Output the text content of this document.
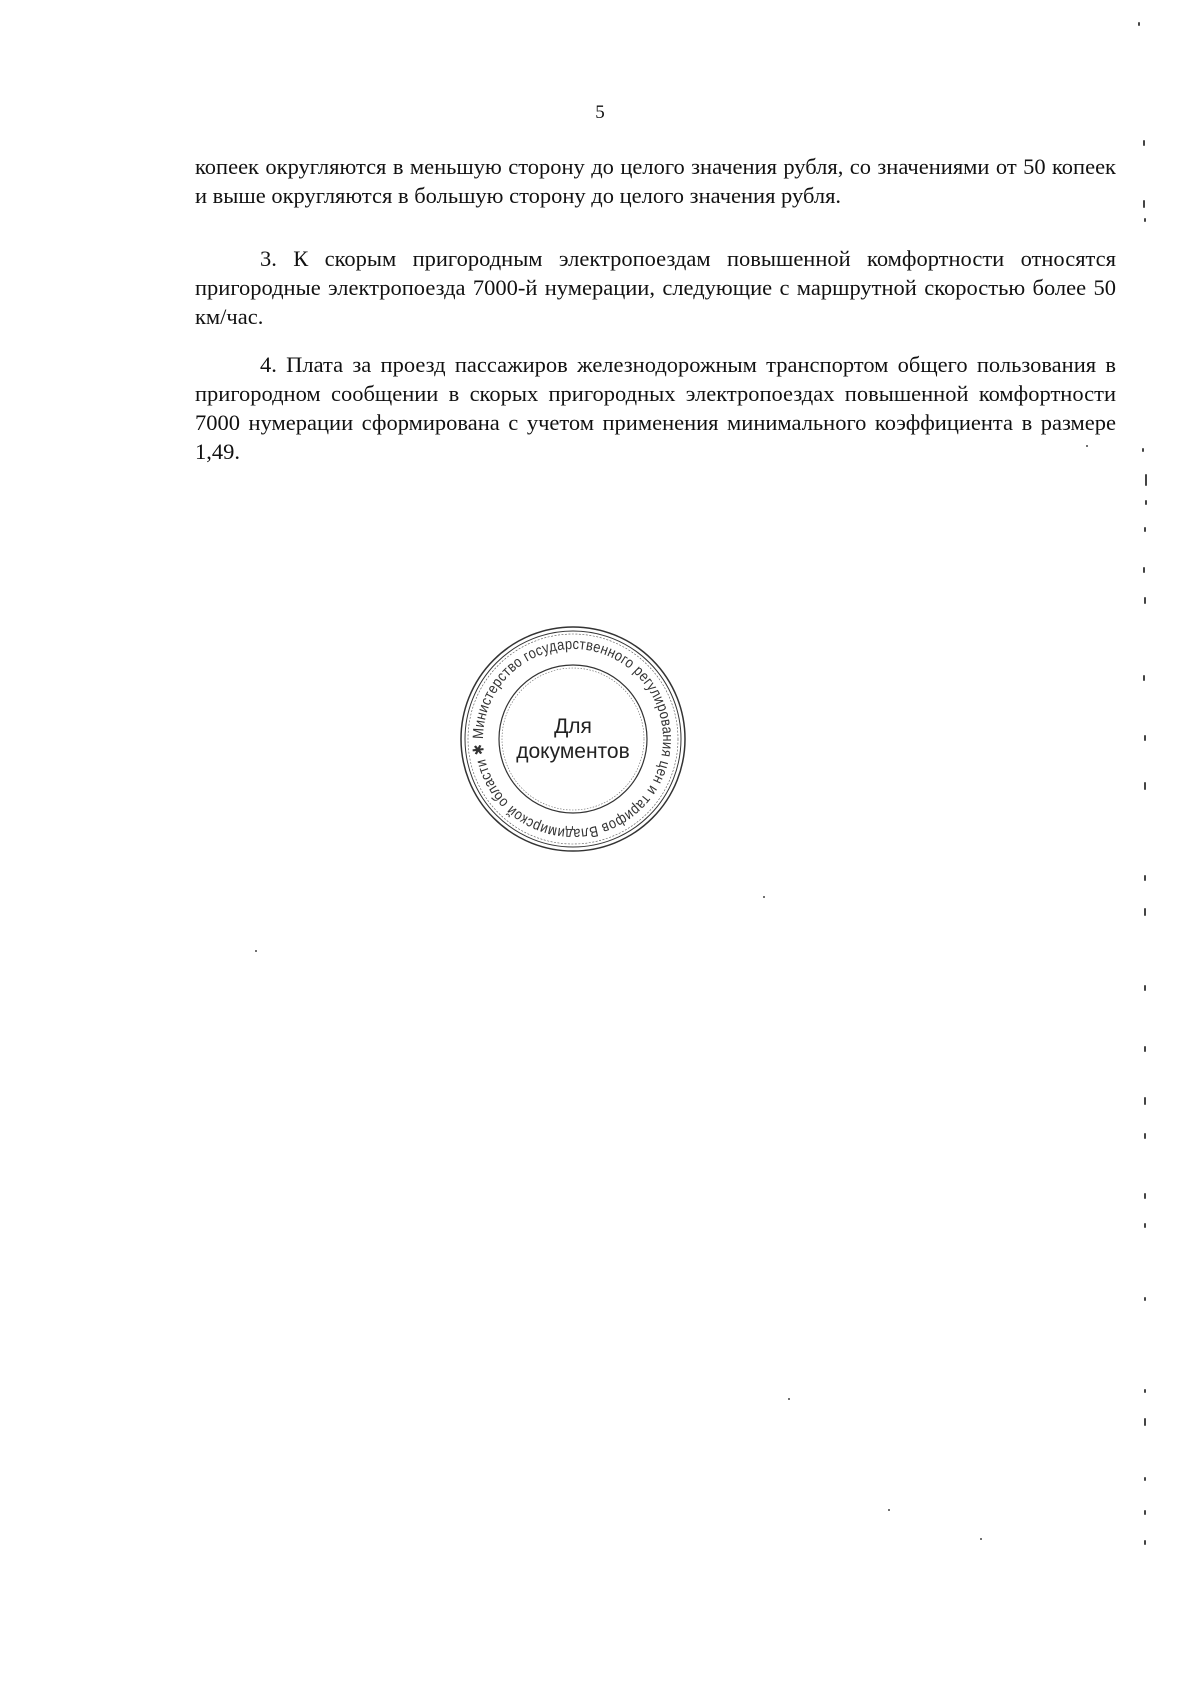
5

копеек округляются в меньшую сторону до целого значения рубля, со значениями от 50 копеек и выше округляются в большую сторону до целого значения рубля.

3. К скорым пригородным электропоездам повышенной комфортности относятся пригородные электропоезда 7000-й нумерации, следующие с маршрутной скоростью более 50 км/час.

4. Плата за проезд пассажиров железнодорожным транспортом общего пользования в пригородном сообщении в скорых пригородных электропоездах повышенной комфортности 7000 нумерации сформирована с учетом применения минимального коэффициента в размере 1,49.

Министерство государственного регулирования цен и тарифов Владимирской области ✱
Для
документов
